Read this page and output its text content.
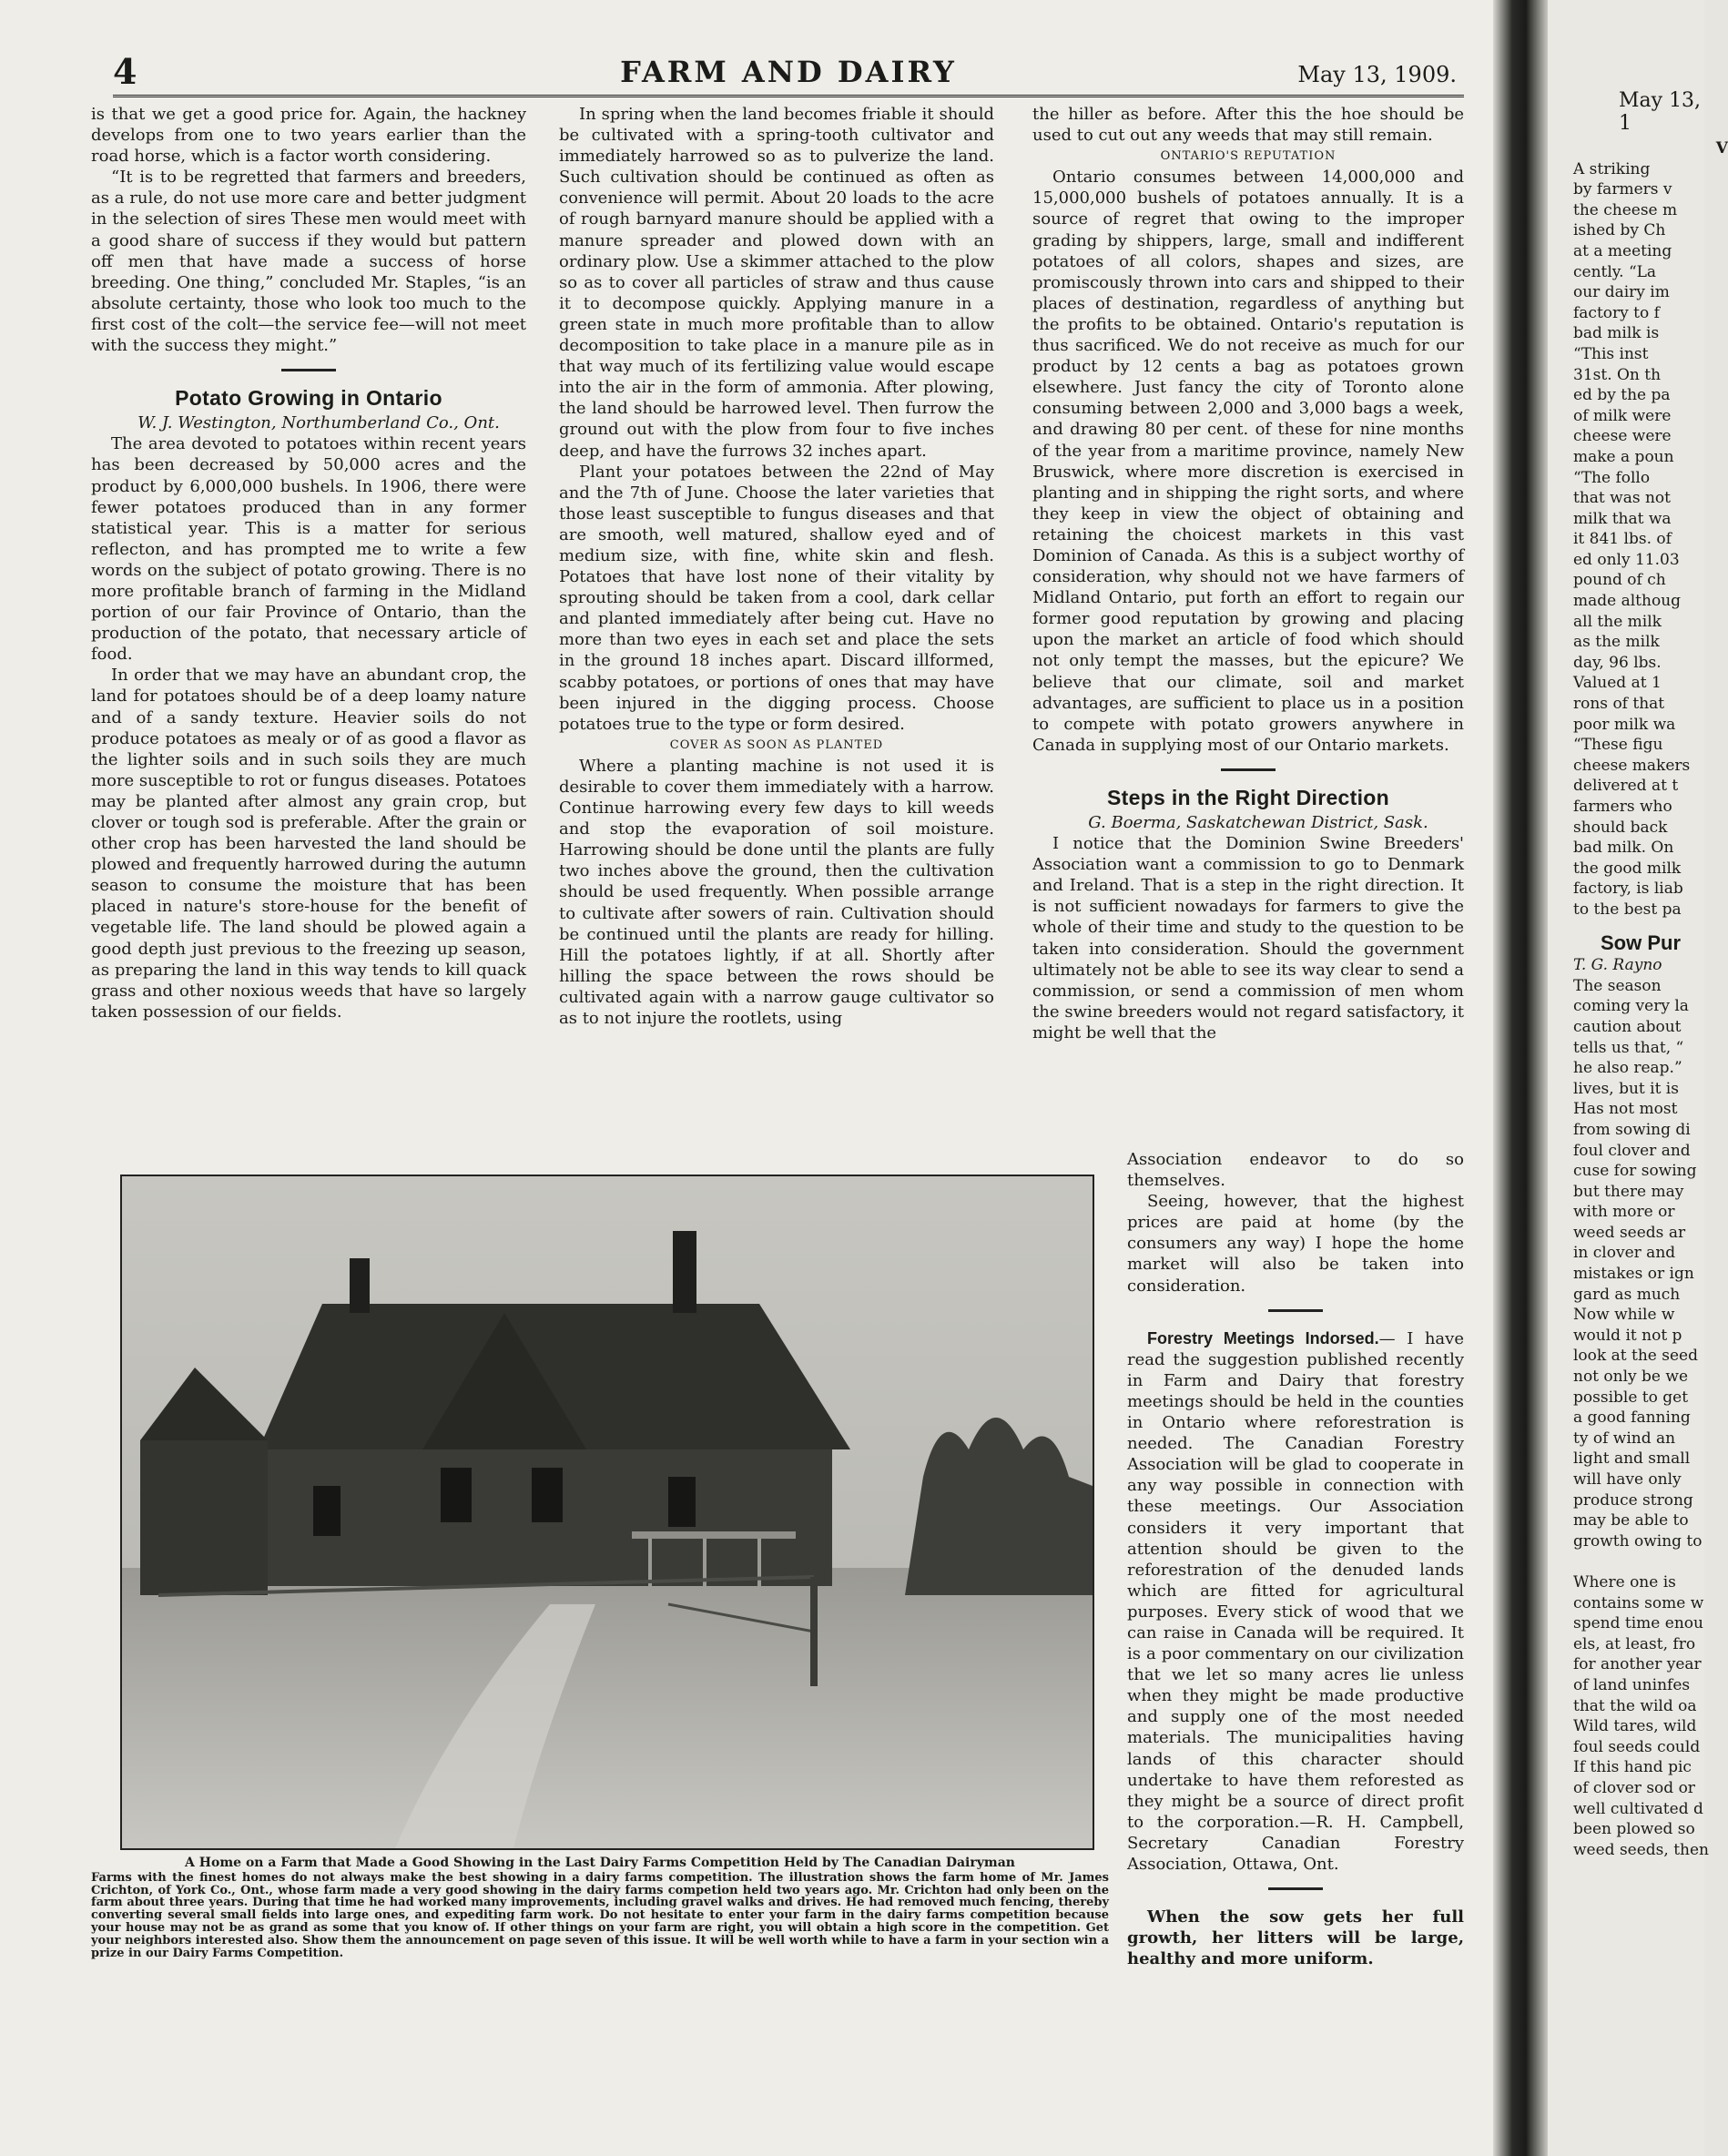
4	FARM AND DAIRY	May 13, 1909.

is that we get a good price for. Again, the hackney develops from one to two years earlier than the road horse, which is a factor worth considering.

“It is to be regretted that farmers and breeders, as a rule, do not use more care and better judgment in the selection of sires These men would meet with a good share of success if they would but pattern off men that have made a success of horse breeding. One thing,” concluded Mr. Staples, “is an absolute certainty, those who look too much to the first cost of the colt—the service fee—will not meet with the success they might.”

Potato Growing in Ontario

W. J. Westington, Northumberland Co., Ont.

The area devoted to potatoes within recent years has been decreased by 50,000 acres and the product by 6,000,000 bushels. In 1906, there were fewer potatoes produced than in any former statistical year. This is a matter for serious reflecton, and has prompted me to write a few words on the subject of potato growing. There is no more profitable branch of farming in the Midland portion of our fair Province of Ontario, than the production of the potato, that necessary article of food.

In order that we may have an abundant crop, the land for potatoes should be of a deep loamy nature and of a sandy texture. Heavier soils do not produce potatoes as mealy or of as good a flavor as the lighter soils and in such soils they are much more susceptible to rot or fungus diseases. Potatoes may be planted after almost any grain crop, but clover or tough sod is preferable. After the grain or other crop has been harvested the land should be plowed and frequently harrowed during the autumn season to consume the moisture that has been placed in nature's store-house for the benefit of vegetable life. The land should be plowed again a good depth just previous to the freezing up season, as preparing the land in this way tends to kill quack grass and other noxious weeds that have so largely taken possession of our fields.

In spring when the land becomes friable it should be cultivated with a spring-tooth cultivator and immediately harrowed so as to pulverize the land. Such cultivation should be continued as often as convenience will permit. About 20 loads to the acre of rough barnyard manure should be applied with a manure spreader and plowed down with an ordinary plow. Use a skimmer attached to the plow so as to cover all particles of straw and thus cause it to decompose quickly. Applying manure in a green state in much more profitable than to allow decomposition to take place in a manure pile as in that way much of its fertilizing value would escape into the air in the form of ammonia. After plowing, the land should be harrowed level. Then furrow the ground out with the plow from four to five inches deep, and have the furrows 32 inches apart.

Plant your potatoes between the 22nd of May and the 7th of June. Choose the later varieties that those least susceptible to fungus diseases and that are smooth, well matured, shallow eyed and of medium size, with fine, white skin and flesh. Potatoes that have lost none of their vitality by sprouting should be taken from a cool, dark cellar and planted immediately after being cut. Have no more than two eyes in each set and place the sets in the ground 18 inches apart. Discard illformed, scabby potatoes, or portions of ones that may have been injured in the digging process. Choose potatoes true to the type or form desired.

COVER AS SOON AS PLANTED

Where a planting machine is not used it is desirable to cover them immediately with a harrow. Continue harrowing every few days to kill weeds and stop the evaporation of soil moisture. Harrowing should be done until the plants are fully two inches above the ground, then the cultivation should be used frequently. When possible arrange to cultivate after sowers of rain. Cultivation should be continued until the plants are ready for hilling. Hill the potatoes lightly, if at all. Shortly after hilling the space between the rows should be cultivated again with a narrow gauge cultivator so as to not injure the rootlets, using

the hiller as before. After this the hoe should be used to cut out any weeds that may still remain.

ONTARIO'S REPUTATION

Ontario consumes between 14,000,000 and 15,000,000 bushels of potatoes annually. It is a source of regret that owing to the improper grading by shippers, large, small and indifferent potatoes of all colors, shapes and sizes, are promiscously thrown into cars and shipped to their places of destination, regardless of anything but the profits to be obtained. Ontario's reputation is thus sacrificed. We do not receive as much for our product by 12 cents a bag as potatoes grown elsewhere. Just fancy the city of Toronto alone consuming between 2,000 and 3,000 bags a week, and drawing 80 per cent. of these for nine months of the year from a maritime province, namely New Bruswick, where more discretion is exercised in planting and in shipping the right sorts, and where they keep in view the object of obtaining and retaining the choicest markets in this vast Dominion of Canada. As this is a subject worthy of consideration, why should not we have farmers of Midland Ontario, put forth an effort to regain our former good reputation by growing and placing upon the market an article of food which should not only tempt the masses, but the epicure? We believe that our climate, soil and market advantages, are sufficient to place us in a position to compete with potato growers anywhere in Canada in supplying most of our Ontario markets.

Steps in the Right Direction

G. Boerma, Saskatchewan District, Sask.

I notice that the Dominion Swine Breeders' Association want a commission to go to Denmark and Ireland. That is a step in the right direction. It is not sufficient nowadays for farmers to give the whole of their time and study to the question to be taken into consideration. Should the government ultimately not be able to see its way clear to send a commission, or send a commission of men whom the swine breeders would not regard satisfactory, it might be well that the

Association endeavor to do so themselves.

Seeing, however, that the highest prices are paid at home (by the consumers any way) I hope the home market will also be taken into consideration.

Forestry Meetings Indorsed.— I have read the suggestion published recently in Farm and Dairy that forestry meetings should be held in the counties in Ontario where reforestration is needed. The Canadian Forestry Association will be glad to cooperate in any way possible in connection with these meetings. Our Association considers it very important that attention should be given to the reforestration of the denuded lands which are fitted for agricultural purposes. Every stick of wood that we can raise in Canada will be required. It is a poor commentary on our civilization that we let so many acres lie unless when they might be made productive and supply one of the most needed materials. The municipalities having lands of this character should undertake to have them reforested as they might be a source of direct profit to the corporation.—R. H. Campbell, Secretary Canadian Forestry Association, Ottawa, Ont.

When the sow gets her full growth, her litters will be large, healthy and more uniform.

A Home on a Farm that Made a Good Showing in the Last Dairy Farms Competition Held by The Canadian Dairyman
Farms with the finest homes do not always make the best showing in a dairy farms competition. The illustration shows the farm home of Mr. James Crichton, of York Co., Ont., whose farm made a very good showing in the dairy farms competion held two years ago. Mr. Crichton had only been on the farm about three years. During that time he had worked many improvements, including gravel walks and drives. He had removed much fencing, thereby converting several small fields into large ones, and expediting farm work. Do not hesitate to enter your farm in the dairy farms competition because your house may not be as grand as some that you know of. If other things on your farm are right, you will obtain a high score in the competition. Get your neighbors interested also. Show them the announcement on page seven of this issue. It will be well worth while to have a farm in your section win a prize in our Dairy Farms Competition.
May 13, 1
V
A striking
by farmers v
the cheese m
ished by Ch
at a meeting
cently. “La
our dairy im
factory to f
bad milk is
“This inst
31st. On th
ed by the pa
of milk were
cheese were
make a poun
“The follo
that was not
milk that wa
it 841 lbs. of
ed only 11.03
pound of ch
made althoug
all the milk
as the milk
day, 96 lbs.
Valued at 1
rons of that
poor milk wa
“These figu
cheese makers
delivered at t
farmers who
should back
bad milk. On
the good milk
factory, is liab
to the best pa
Sow Pur
T. G. Rayno
The season
coming very la
caution about
tells us that, “
he also reap.”
lives, but it is
Has not most
from sowing di
foul clover and
cuse for sowing
but there may
with more or
weed seeds ar
in clover and
mistakes or ign
gard as much
Now while w
would it not p
look at the seed
not only be we
possible to get
a good fanning
ty of wind an
light and small
will have only
produce strong
may be able to
growth owing to

Where one is
contains some w
spend time enou
els, at least, fro
for another year
of land uninfes
that the wild oa
Wild tares, wild
foul seeds could
If this hand pic
of clover sod or
well cultivated d
been plowed so
weed seeds, then
